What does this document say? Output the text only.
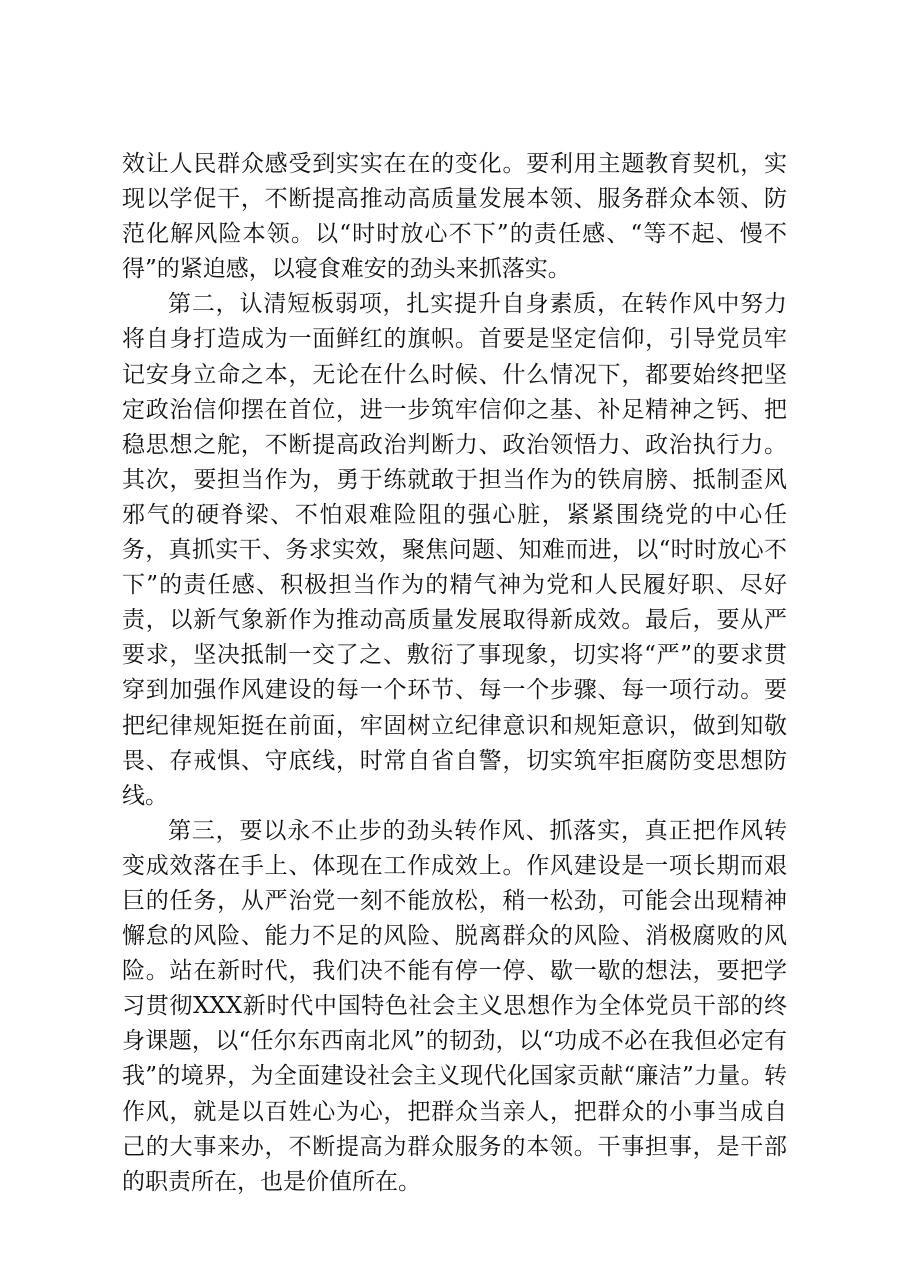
效让人民群众感受到实实在在的变化。要利用主题教育契机，实现以学促干，不断提高推动高质量发展本领、服务群众本领、防范化解风险本领。以“时时放心不下”的责任感、“等不起、慢不得”的紧迫感，以寝食难安的劲头来抓落实。

第二，认清短板弱项，扎实提升自身素质，在转作风中努力将自身打造成为一面鲜红的旗帜。首要是坚定信仰，引导党员牢记安身立命之本，无论在什么时候、什么情况下，都要始终把坚定政治信仰摆在首位，进一步筑牢信仰之基、补足精神之钙、把稳思想之舵，不断提高政治判断力、政治领悟力、政治执行力。其次，要担当作为，勇于练就敢于担当作为的铁肩膀、抵制歪风邪气的硬脊梁、不怕艰难险阻的强心脏，紧紧围绕党的中心任务，真抓实干、务求实效，聚焦问题、知难而进，以“时时放心不下”的责任感、积极担当作为的精气神为党和人民履好职、尽好责，以新气象新作为推动高质量发展取得新成效。最后，要从严要求，坚决抵制一交了之、敷衍了事现象，切实将“严”的要求贯穿到加强作风建设的每一个环节、每一个步骤、每一项行动。要把纪律规矩挺在前面，牢固树立纪律意识和规矩意识，做到知敬畏、存戒惧、守底线，时常自省自警，切实筑牢拒腐防变思想防线。

第三，要以永不止步的劲头转作风、抓落实，真正把作风转变成效落在手上、体现在工作成效上。作风建设是一项长期而艰巨的任务，从严治党一刻不能放松，稍一松劲，可能会出现精神懈怠的风险、能力不足的风险、脱离群众的风险、消极腐败的风险。站在新时代，我们决不能有停一停、歇一歇的想法，要把学习贯彻XXX新时代中国特色社会主义思想作为全体党员干部的终身课题，以“任尔东西南北风”的韧劲，以“功成不必在我但必定有我”的境界，为全面建设社会主义现代化国家贡献“廉洁”力量。转作风，就是以百姓心为心，把群众当亲人，把群众的小事当成自己的大事来办，不断提高为群众服务的本领。干事担事，是干部的职责所在，也是价值所在。
